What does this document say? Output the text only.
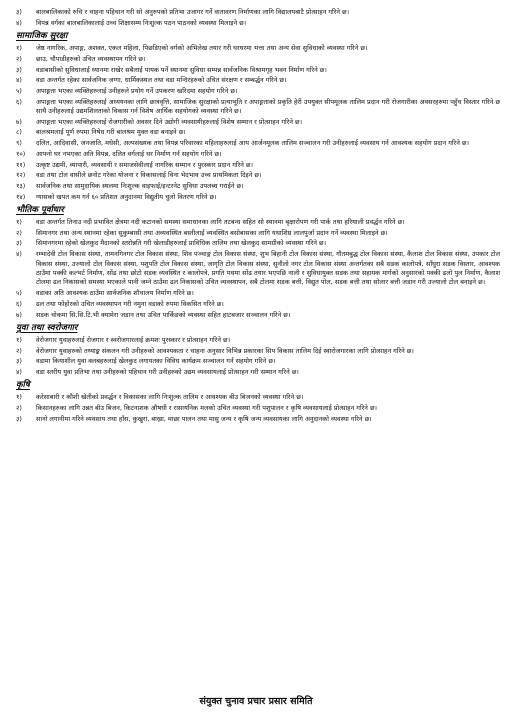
३)	बालबालिकाको रुचि र चाहना पहिचान गरी सो अनुरुपको प्रतिभा उजागर गर्ने वातावरण निर्माणका लागि विद्यालयबाटै प्रोत्साहन गरिने छ।
४)	विपन्न वर्गका बालबालिकालाई उच्च शिक्षासम्म निःशुल्क पठन पाठनको व्यवस्था मिलाइने छ।
सामाजिक सुरक्षा
१)	जेष्ठ नागरिक, अपाङ्ग, अशक्त, एकल महिला, पिछडिएको वर्गको अभिलेख तयार गरी घरघरमा भत्ता तथा अन्य सेवा सुविधाको व्यवस्था गरिने छ।
२)	छाउ, चौपाडीहरुको उचित व्यवस्थापन गरिने छ।
३)	वडाबासीको सुविधालाई ध्यानमा राखेर सबैलाई पायक पर्ने स्थानमा सुविधा सम्पन्न सार्वजनिक विश्रामगृह भवन निर्माण गरिने छ।
४)	वडा अन्तर्गत रहेका सार्वजनिक जग्गा, धार्मिकस्थल तथा वडा मन्दिरहरुको उचित संरक्षण र सम्बर्द्धन गरिने छ।
५)	अपाङ्गता भएका व्यक्तिहरुलाई उनीहरुले प्रयोग गर्ने उपकरण खरिदमा सहयोग गरिने छ।
६)	अपाङ्गता भएका व्यक्तिहरुलाई अध्ययनका लागि छात्रवृत्ति, सामाजिक सुरक्षाको प्रत्याभूति र अपाङ्गताको प्रकृति हेरी उपयुक्त सीपमूलक तालिम प्रदान गरी रोजगारीका अवसरहरुमा पहुँच विस्तार गरिने छ साथै उनीहरुलाई उद्यमशिलताको विकास गर्न विशेष आर्थिक सहयोगको व्यवस्था गरिने छ।
७)	अपाङ्गता भएका व्यक्तिहरुलाई रोजगारीको अवसर दिने उद्योगी व्यवसायीहरुलाई विशेष सम्मान र प्रोत्साहन गरिने छ।
८)	बालश्रमलाई पूर्ण रुपमा निषेध गरी बालश्रम मुक्त वडा बनाइने छ।
९)	दलित, आदिवासी, जनजाति, मधेसी, अल्पसंख्यक तथा विपन्न परिवारका महिलाहरुलाई आय आर्जनमूलक तालिम सञ्चालन गरी उनीहरुलाई व्यवसाय गर्न आवश्यक सहयोग प्रदान गरिने छ।
१०)	आफ्नो घर नभएका अति विपन्न, दलित वर्गलाई घर निर्माण गर्न सहयोग गरिने छ।
११)	उत्कृष्ट उद्यमी, व्यापारी, व्यवसायी र समाजसेवीलाई नागरिक सम्मान र पुरस्कार प्रदान गरिने छ।
१२)	वडा तथा टोल वासीले छनोट गरेका योजना र विकासलाई विना भेदभाव उच्च प्राथमिकता दिइने छ।
१३)	सार्वजनिक तथा सामुदायिक स्थलमा निःशुल्क वाइफाई/इन्टरनेट सुविधा उपलब्ध गराईने छ।
१४)	ग्यासको खपत कम गर्न ६० प्रतिशत अनुदानमा विद्युतीय चुलो वितरण गरिने छ।
भौतिक पूर्वाधार
१)	वडा अन्तर्गत तिनाउ नदी प्रभावित क्षेत्रमा नदी कटानको समस्या समाधानका लागि तटबन्ध सहित सो स्थानमा बृक्षारोपण गरी पार्क तथा हरियाली प्रवर्द्धन गरिने छ।
२)	सिमानगर तथा अन्य स्थानमा रहेका सुकुम्बासी तथा अव्यवस्थित बस्तीलाई व्यवस्थित बसोबासका लागि यथाशिघ्र लालपुर्जा प्रदान गर्ने व्यवस्था मिलाइने छ।
३)	सिमानगरमा रहेको खेलकुद मैदानको स्तरोन्नति गरी खेलाडीहरुलाई प्राविधिक तालिम तथा खेलकुद सामग्रीको व्यवस्था गरिने छ।
४)	रम्भादेवी टोल विकास संस्था, तामनगिनगर टोल विकास संस्था, शिव पञ्चाङ्ग टोल विकास संस्था, शुभ बिहानी टोल विकास संस्था, गौतमबुद्ध टोल विकास संस्था, कैलाश टोल विकास संस्था, उपकार टोल विकास संस्था, उज्यालो टोल विकास संस्था, पशुपति टोल विकास संस्था, जागृति टोल विकास संस्था, सुनौलो नगर टोल विकास संस्था अन्तर्गतका सबै सडक कालोपत्रे, साँघुरा सडक विस्तार, आवश्यक ठाउँमा पक्की कल्भर्ट निर्माण, सोंढ तथा छोटो सडक व्यवस्थित र कालोपत्रे, प्रगति पथमा सोंढ तयार भएपछि नाली र सुविधायुक्त सडक तथा सहायक मार्गको अनुसारको पक्की ढलो पुल निर्माण, कैलाश टोलमा ढल निकासको समस्या भएकाले पानी जम्ने ठाउँमा ढल निकासको उचित व्यवस्थापन, सबै टोलमा सडक बत्ती, विद्युत पोल, सडक बत्ती तथा सोलार बत्ती जडान गरी उज्यालो टोल बनाइने छ।
५)	वडाका अति आवश्यक ठाउँमा सार्वजनिक शौचालय निर्माण गरिने छ।
६)	ढल तथा फोहोरको उचित व्यवस्थापन गरी नमुना वडाको रुपमा विकसित गरिने छ।
७)	सडक चोकमा सि.सि.टि.भी क्यामेरा जडान तथा उचित पार्किङको व्यवस्था सहित हाटबजार सञ्चालन गरिने छ।
युवा तथा स्वरोजगार
१)	वेरोजगार युवाहरुलाई रोजगार र स्वरोजगारलाई क्रमशः पुरस्कार र प्रोत्साहन गरिने छ।
२)	वेरोजगार युवाहरुको तथ्याङ्क संकलन गरी उनीहरुको आवश्यकता र चाहना अनुसार विभिन्न प्रकारका सिप विकास तालिम दिई स्वारोजगारका लागि प्रोत्साहन गरिने छ।
३)	वडामा कियाशील युवा क्लबहरुलाई खेलकुद लगायतका विविध कार्यक्रम सञ्चालन गर्न सहयोग गरिने छ।
४)	वडा स्तरीय युवा प्रतिभा तथा उनीहरुको पहिचान गरी उनीहरुको उद्यम व्यवसायलाई प्रोत्साहन गरी सम्मान गरिने छ।
कृषि
१)	करेसाबारी र कौशी खेतीको प्रवर्द्धन र विकासका लागि निःशुल्क तालिम र आवश्यक बीउ बिजनको व्यवस्था गरिने छ।
२)	किसानहरुका लागि उन्नत बीउ बिजन, किटनाशक औषधी र रासायनिक मलको उचित व्यवस्था गरी पशुपालन र कृषि व्यवसायलाई प्रोत्साहन गरिने छ।
३)	सानो लगानीमा गरिने व्यवसाय तथा हाँस, कुखुरा, बाख्रा, माछा पालन तथा मासु जन्य र कृषि जन्य व्यवसायका लागि अनुदानको व्यवस्था गरिने छ।
संयुक्त चुनाव प्रचार प्रसार समिति
